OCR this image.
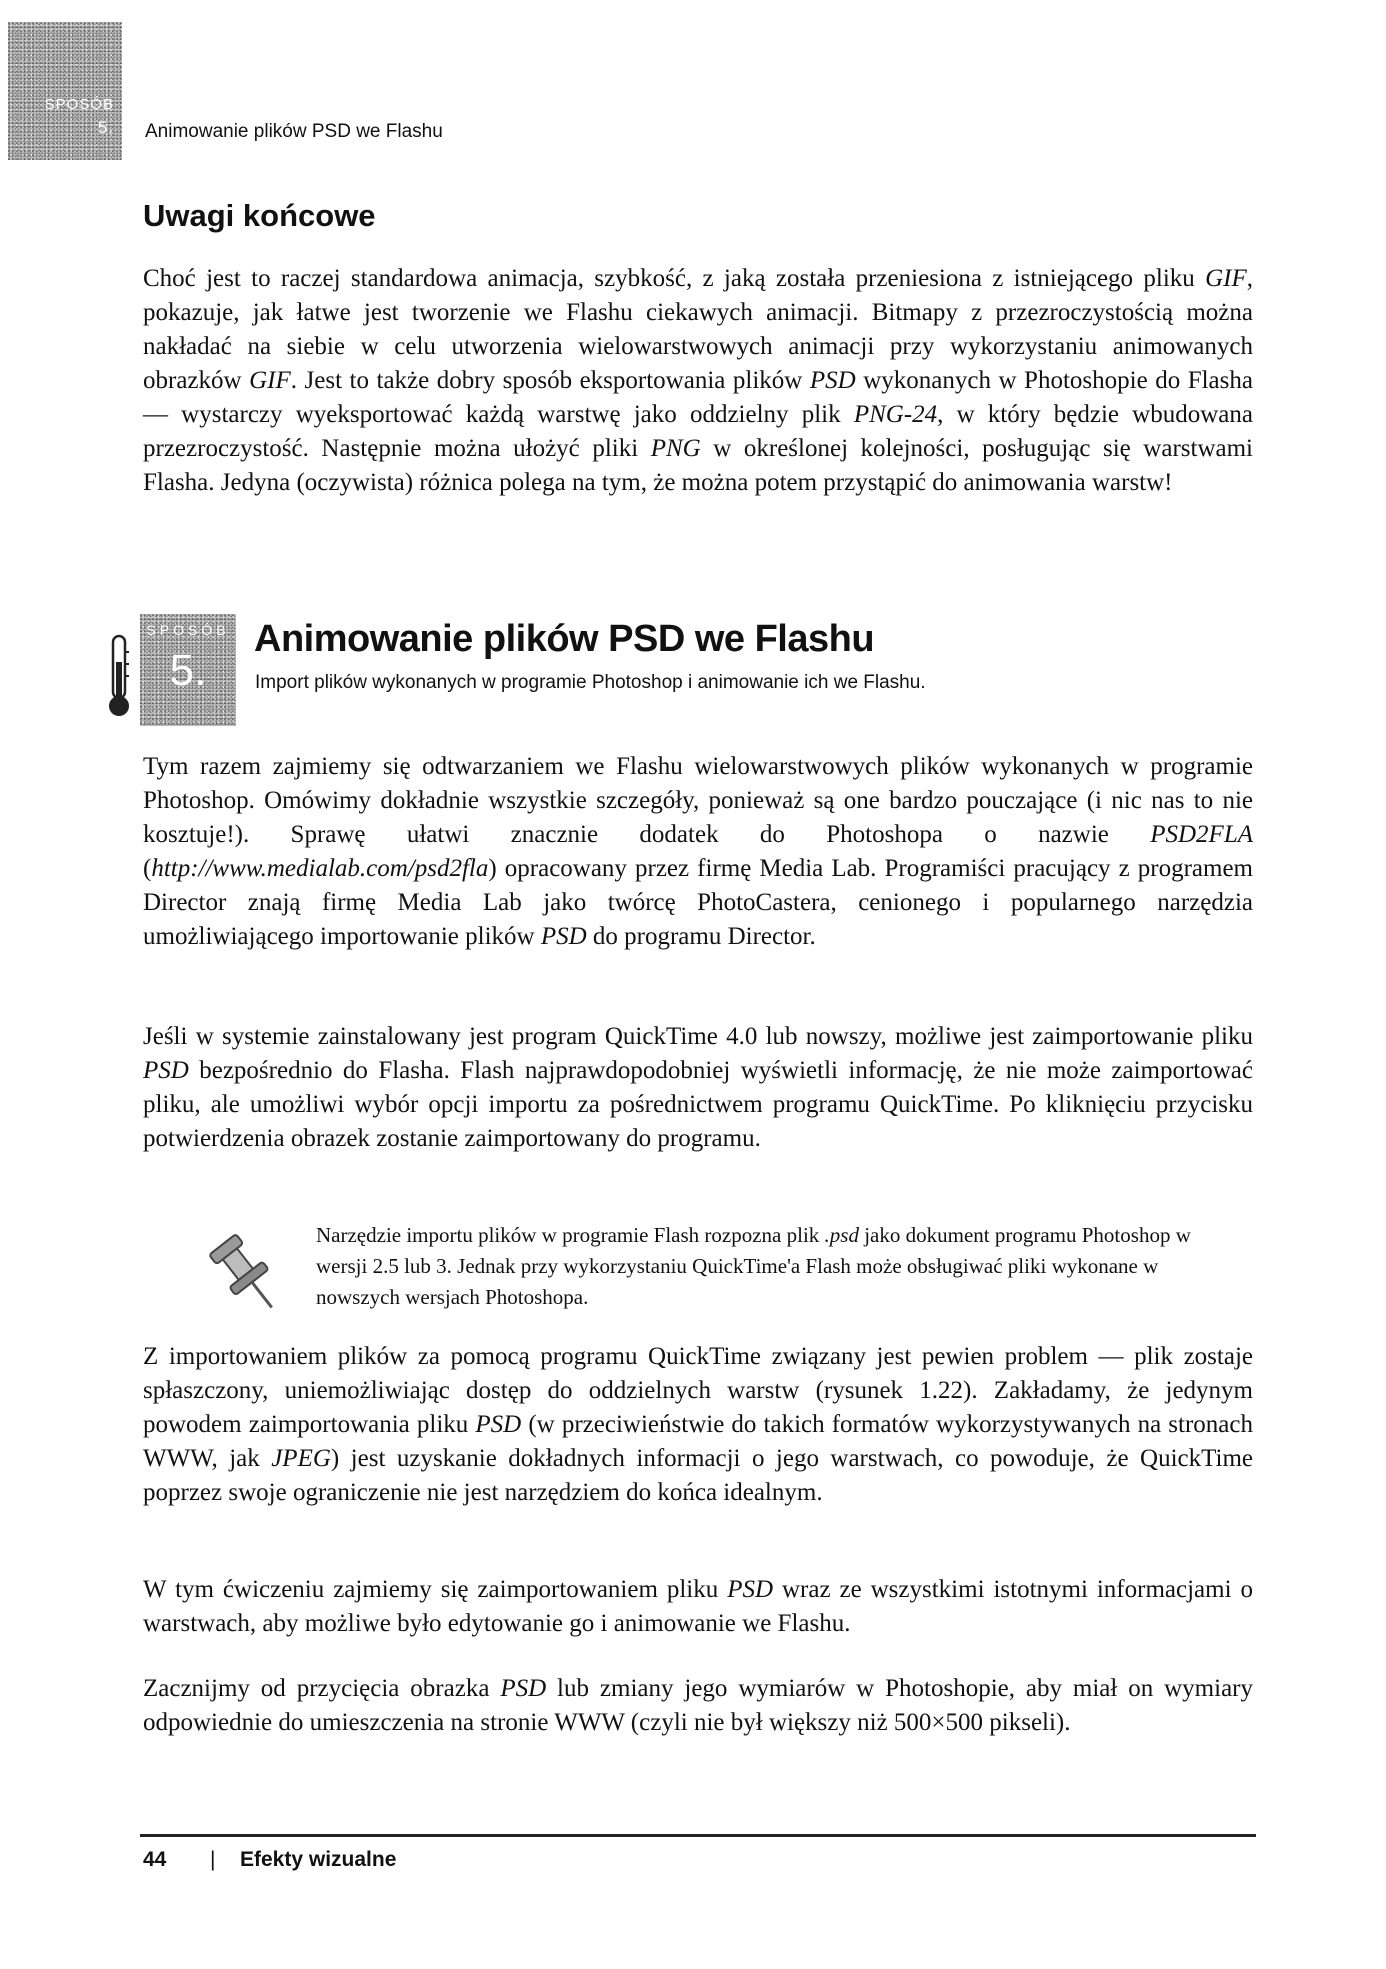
SPOSÓB
5. Animowanie plików PSD we Flashu
Uwagi końcowe

Choć jest to raczej standardowa animacja, szybkość, z jaką została przeniesiona z istniejącego pliku GIF, pokazuje, jak łatwe jest tworzenie we Flashu ciekawych animacji. Bitmapy z przezroczystością można nakładać na siebie w celu utworzenia wielowarstwowych animacji przy wykorzystaniu animowanych obrazków GIF. Jest to także dobry sposób eksportowania plików PSD wykonanych w Photoshopie do Flasha — wystarczy wyeksportować każdą warstwę jako oddzielny plik PNG-24, w który będzie wbudowana przezroczystość. Następnie można ułożyć pliki PNG w określonej kolejności, posługując się warstwami Flasha. Jedyna (oczywista) różnica polega na tym, że można potem przystąpić do animowania warstw!

SPOSÓB
5.
Animowanie plików PSD we Flashu
Import plików wykonanych w programie Photoshop i animowanie ich we Flashu.

Tym razem zajmiemy się odtwarzaniem we Flashu wielowarstwowych plików wykonanych w programie Photoshop. Omówimy dokładnie wszystkie szczegóły, ponieważ są one bardzo pouczające (i nic nas to nie kosztuje!). Sprawę ułatwi znacznie dodatek do Photoshopa o nazwie PSD2FLA (http://www.medialab.com/psd2fla) opracowany przez firmę Media Lab. Programiści pracujący z programem Director znają firmę Media Lab jako twórcę PhotoCastera, cenionego i popularnego narzędzia umożliwiającego importowanie plików PSD do programu Director.

Jeśli w systemie zainstalowany jest program QuickTime 4.0 lub nowszy, możliwe jest zaimportowanie pliku PSD bezpośrednio do Flasha. Flash najprawdopodobniej wyświetli informację, że nie może zaimportować pliku, ale umożliwi wybór opcji importu za pośrednictwem programu QuickTime. Po kliknięciu przycisku potwierdzenia obrazek zostanie zaimportowany do programu.

Narzędzie importu plików w programie Flash rozpozna plik .psd jako dokument programu Photoshop w wersji 2.5 lub 3. Jednak przy wykorzystaniu QuickTime'a Flash może obsługiwać pliki wykonane w nowszych wersjach Photoshopa.

Z importowaniem plików za pomocą programu QuickTime związany jest pewien problem — plik zostaje spłaszczony, uniemożliwiając dostęp do oddzielnych warstw (rysunek 1.22). Zakładamy, że jedynym powodem zaimportowania pliku PSD (w przeciwieństwie do takich formatów wykorzystywanych na stronach WWW, jak JPEG) jest uzyskanie dokładnych informacji o jego warstwach, co powoduje, że QuickTime poprzez swoje ograniczenie nie jest narzędziem do końca idealnym.

W tym ćwiczeniu zajmiemy się zaimportowaniem pliku PSD wraz ze wszystkimi istotnymi informacjami o warstwach, aby możliwe było edytowanie go i animowanie we Flashu.

Zacznijmy od przycięcia obrazka PSD lub zmiany jego wymiarów w Photoshopie, aby miał on wymiary odpowiednie do umieszczenia na stronie WWW (czyli nie był większy niż 500×500 pikseli).

44 | Efekty wizualne
